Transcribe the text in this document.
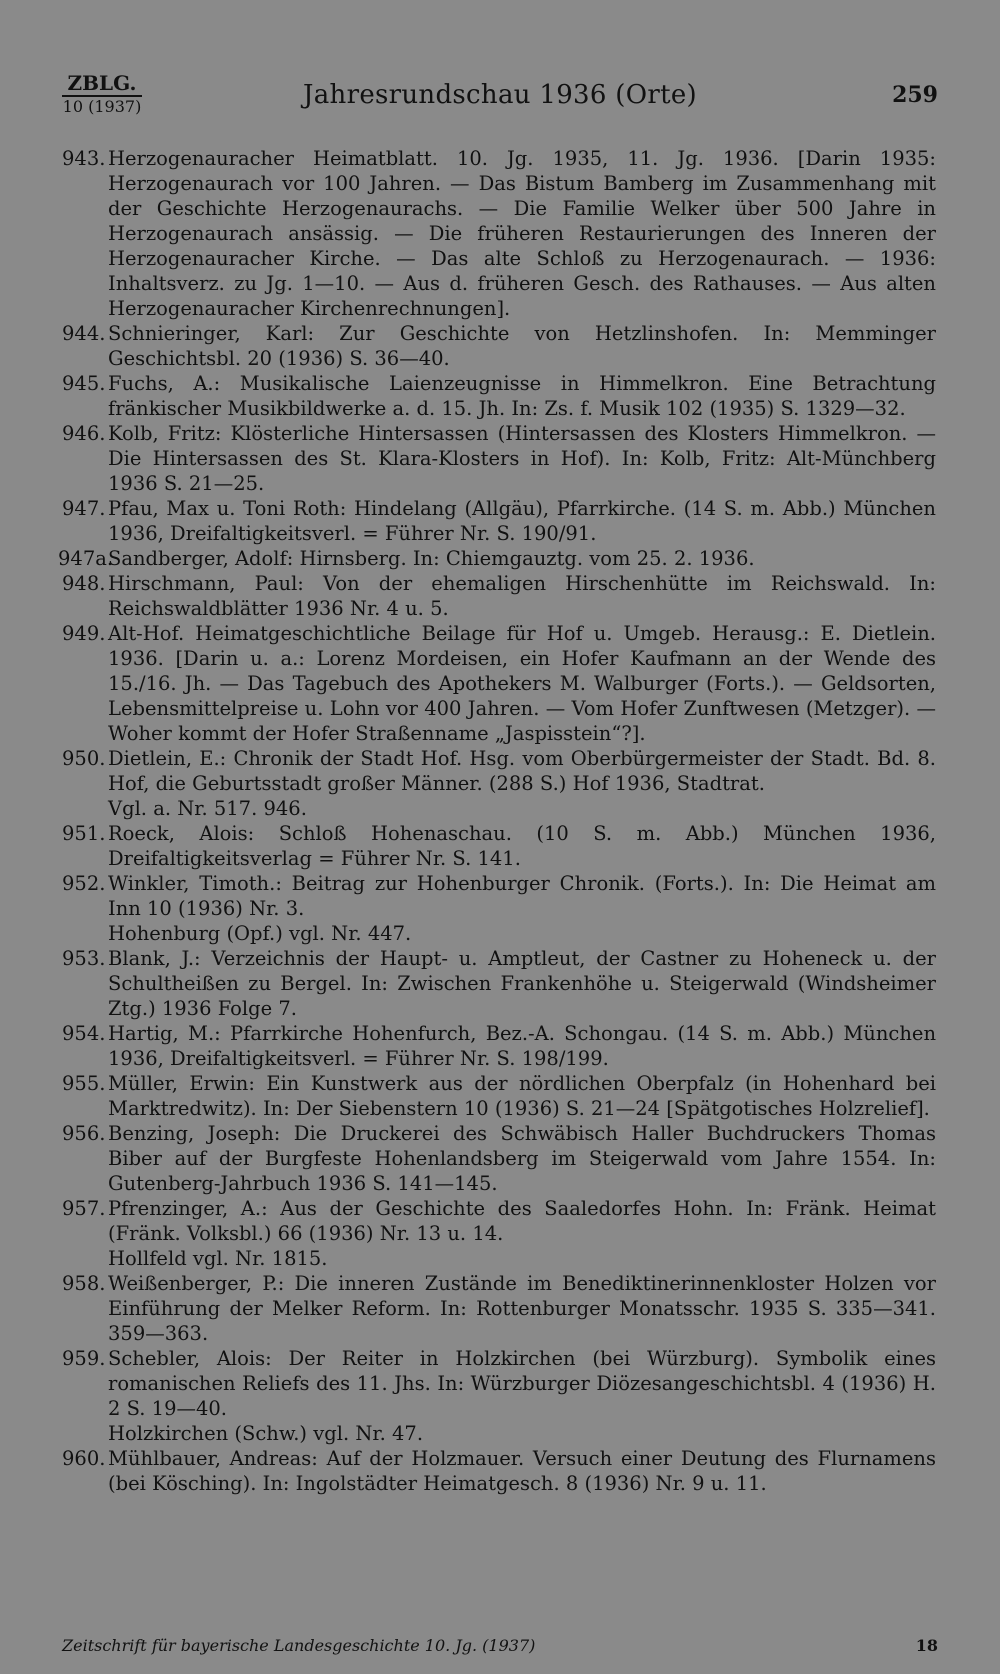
ZBLG.
10 (1937)	Jahresrundschau 1936 (Orte)	259
943. Herzogenauracher Heimatblatt. 10. Jg. 1935, 11. Jg. 1936. [Darin 1935: Herzogenaurach vor 100 Jahren. — Das Bistum Bamberg im Zusammenhang mit der Geschichte Herzogenaurachs. — Die Familie Welker über 500 Jahre in Herzogenaurach ansässig. — Die früheren Restaurierungen des Inneren der Herzogenauracher Kirche. — Das alte Schloß zu Herzogenaurach. — 1936: Inhaltsverz. zu Jg. 1—10. — Aus d. früheren Gesch. des Rathauses. — Aus alten Herzogenauracher Kirchenrechnungen].
944. Schnieringer, Karl: Zur Geschichte von Hetzlinshofen. In: Memminger Geschichtsbl. 20 (1936) S. 36—40.
945. Fuchs, A.: Musikalische Laienzeugnisse in Himmelkron. Eine Betrachtung fränkischer Musikbildwerke a. d. 15. Jh. In: Zs. f. Musik 102 (1935) S. 1329—32.
946. Kolb, Fritz: Klösterliche Hintersassen (Hintersassen des Klosters Himmelkron. — Die Hintersassen des St. Klara-Klosters in Hof). In: Kolb, Fritz: Alt-Münchberg 1936 S. 21—25.
947. Pfau, Max u. Toni Roth: Hindelang (Allgäu), Pfarrkirche. (14 S. m. Abb.) München 1936, Dreifaltigkeitsverl. = Führer Nr. S. 190/91.
947a.
Sandberger, Adolf: Hirnsberg. In: Chiemgauztg. vom 25. 2. 1936.
948. Hirschmann, Paul: Von der ehemaligen Hirschenhütte im Reichswald. In: Reichswaldblätter 1936 Nr. 4 u. 5.
949. Alt-Hof. Heimatgeschichtliche Beilage für Hof u. Umgeb. Herausg.: E. Dietlein. 1936. [Darin u. a.: Lorenz Mordeisen, ein Hofer Kaufmann an der Wende des 15./16. Jh. — Das Tagebuch des Apothekers M. Walburger (Forts.). — Geldsorten, Lebensmittelpreise u. Lohn vor 400 Jahren. — Vom Hofer Zunftwesen (Metzger). — Woher kommt der Hofer Straßenname „Jaspisstein“?].
950. Dietlein, E.: Chronik der Stadt Hof. Hsg. vom Oberbürgermeister der Stadt. Bd. 8. Hof, die Geburtsstadt großer Männer. (288 S.) Hof 1936, Stadtrat.
Vgl. a. Nr. 517. 946.
951. Roeck, Alois: Schloß Hohenaschau. (10 S. m. Abb.) München 1936, Dreifaltigkeitsverlag = Führer Nr. S. 141.
952. Winkler, Timoth.: Beitrag zur Hohenburger Chronik. (Forts.). In: Die Heimat am Inn 10 (1936) Nr. 3.
Hohenburg (Opf.) vgl. Nr. 447.
953. Blank, J.: Verzeichnis der Haupt- u. Amptleut, der Castner zu Hoheneck u. der Schultheißen zu Bergel. In: Zwischen Frankenhöhe u. Steigerwald (Windsheimer Ztg.) 1936 Folge 7.
954. Hartig, M.: Pfarrkirche Hohenfurch, Bez.-A. Schongau. (14 S. m. Abb.) München 1936, Dreifaltigkeitsverl. = Führer Nr. S. 198/199.
955. Müller, Erwin: Ein Kunstwerk aus der nördlichen Oberpfalz (in Hohenhard bei Marktredwitz). In: Der Siebenstern 10 (1936) S. 21—24 [Spätgotisches Holzrelief].
956. Benzing, Joseph: Die Druckerei des Schwäbisch Haller Buchdruckers Thomas Biber auf der Burgfeste Hohenlandsberg im Steigerwald vom Jahre 1554. In: Gutenberg-Jahrbuch 1936 S. 141—145.
957. Pfrenzinger, A.: Aus der Geschichte des Saaledorfes Hohn. In: Fränk. Heimat (Fränk. Volksbl.) 66 (1936) Nr. 13 u. 14.
Hollfeld vgl. Nr. 1815.
958. Weißenberger, P.: Die inneren Zustände im Benediktinerinnenkloster Holzen vor Einführung der Melker Reform. In: Rottenburger Monatsschr. 1935 S. 335—341. 359—363.
959. Schebler, Alois: Der Reiter in Holzkirchen (bei Würzburg). Symbolik eines romanischen Reliefs des 11. Jhs. In: Würzburger Diözesangeschichtsbl. 4 (1936) H. 2 S. 19—40.
Holzkirchen (Schw.) vgl. Nr. 47.
960. Mühlbauer, Andreas: Auf der Holzmauer. Versuch einer Deutung des Flurnamens (bei Kösching). In: Ingolstädter Heimatgesch. 8 (1936) Nr. 9 u. 11.
Zeitschrift für bayerische Landesgeschichte 10. Jg. (1937)	18
